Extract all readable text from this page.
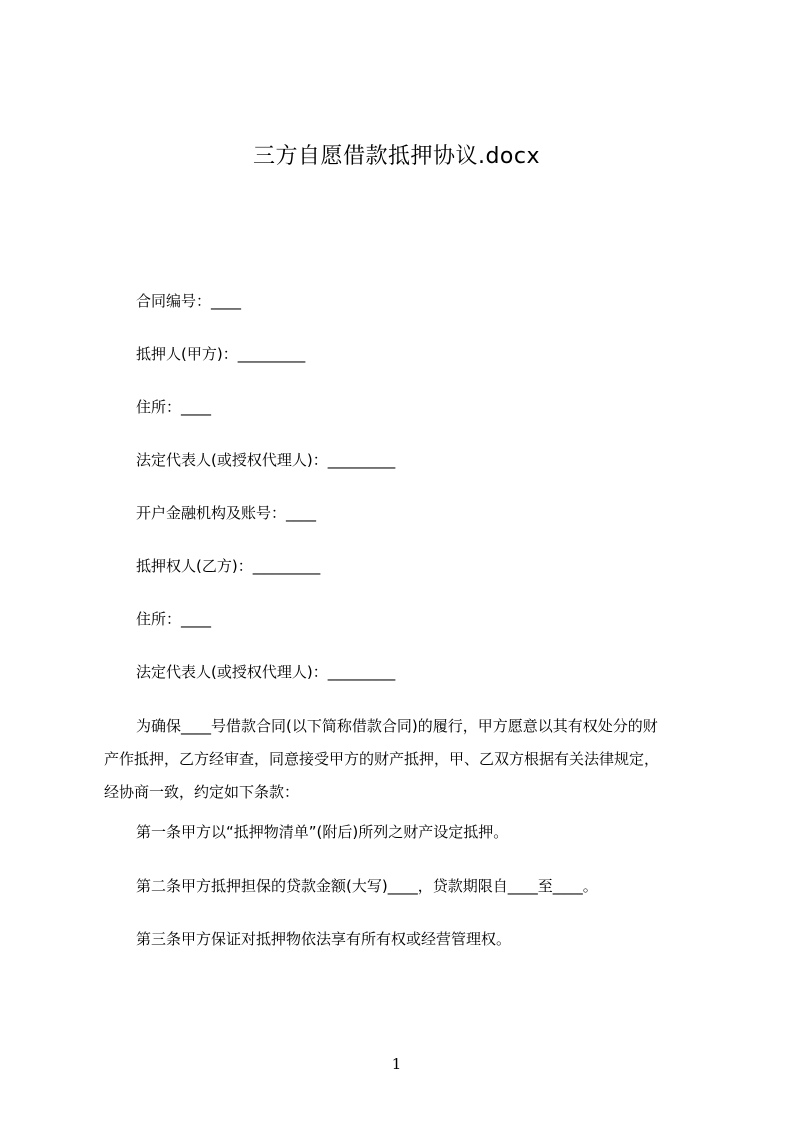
三方自愿借款抵押协议.docx
合同编号：____
抵押人(甲方)：_________
住所：____
法定代表人(或授权代理人)：_________
开户金融机构及账号：____
抵押权人(乙方)：_________
住所：____
法定代表人(或授权代理人)：_________
为确保____号借款合同(以下简称借款合同)的履行，甲方愿意以其有权处分的财
产作抵押，乙方经审查，同意接受甲方的财产抵押，甲、乙双方根据有关法律规定，
经协商一致，约定如下条款：
第一条甲方以“抵押物清单”(附后)所列之财产设定抵押。
第二条甲方抵押担保的贷款金额(大写)____，贷款期限自____至____。
第三条甲方保证对抵押物依法享有所有权或经营管理权。
1
